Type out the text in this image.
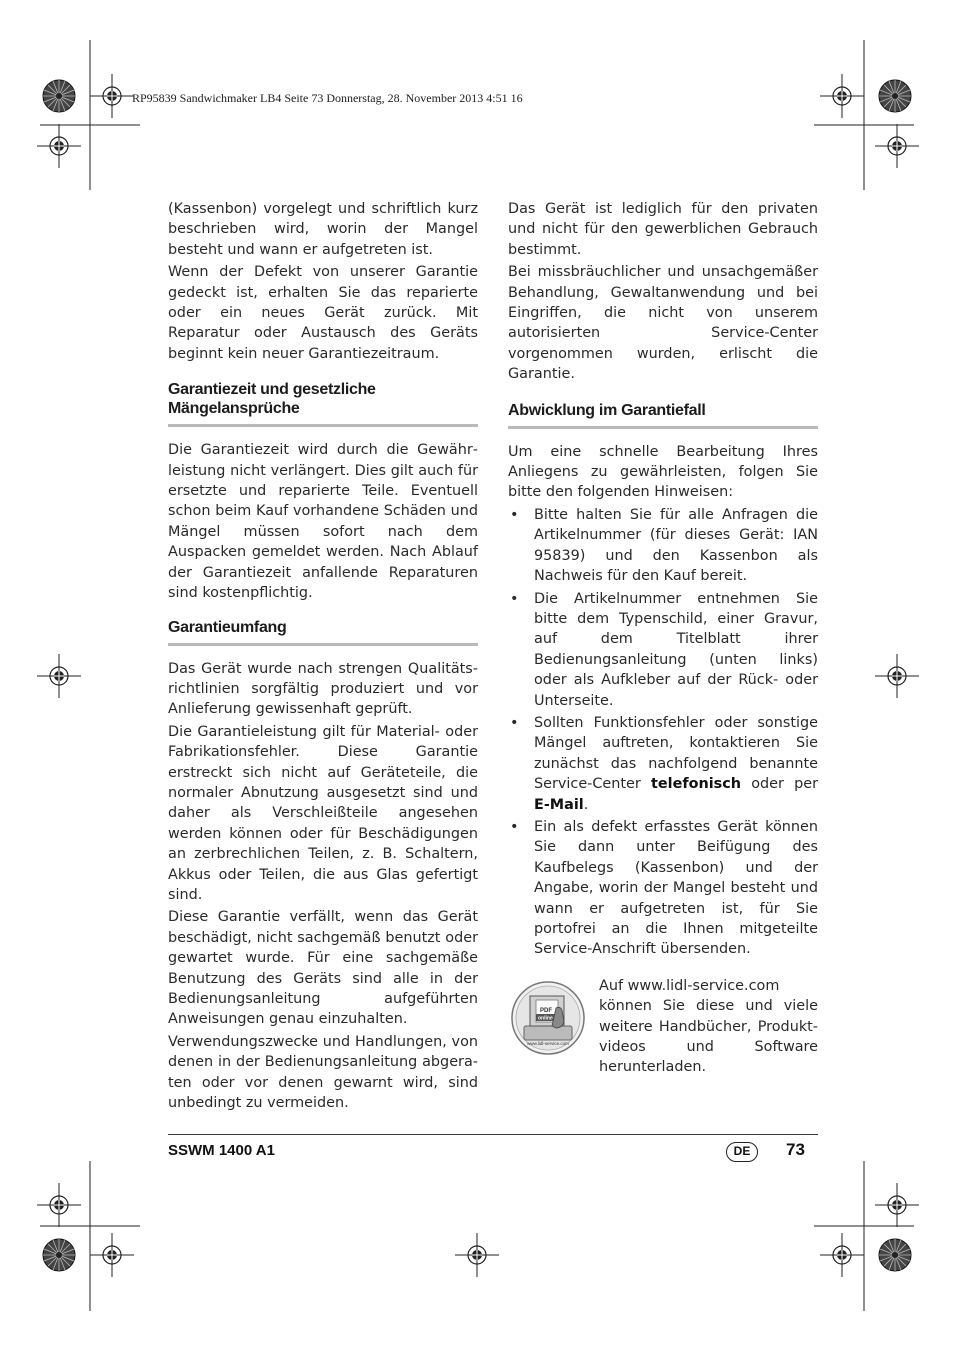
RP95839 Sandwichmaker LB4 Seite 73 Donnerstag, 28. November 2013 4:51 16

(Kassenbon) vorgelegt und schriftlich kurz beschrieben wird, worin der Mangel besteht und wann er aufgetreten ist.

Wenn der Defekt von unserer Garantie gedeckt ist, erhalten Sie das reparierte oder ein neues Gerät zurück. Mit Reparatur oder Austausch des Geräts beginnt kein neuer Garantiezeitraum.

Garantiezeit und gesetzliche
Mängelansprüche

Die Garantiezeit wird durch die Gewährleistung nicht verlängert. Dies gilt auch für ersetzte und reparierte Teile. Eventuell schon beim Kauf vorhandene Schäden und Mängel müssen sofort nach dem Auspacken gemeldet werden. Nach Ablauf der Garantiezeit anfallende Reparaturen sind kostenpflichtig.

Garantieumfang

Das Gerät wurde nach strengen Qualitätsrichtlinien sorgfältig produziert und vor Anlieferung gewissenhaft geprüft.

Die Garantieleistung gilt für Material- oder Fabrikationsfehler. Diese Garantie erstreckt sich nicht auf Geräteteile, die normaler Abnutzung ausgesetzt sind und daher als Verschleißteile angesehen werden können oder für Beschädigungen an zerbrechlichen Teilen, z. B. Schaltern, Akkus oder Teilen, die aus Glas gefertigt sind.

Diese Garantie verfällt, wenn das Gerät beschädigt, nicht sachgemäß benutzt oder gewartet wurde. Für eine sachgemäße Benutzung des Geräts sind alle in der Bedienungsanleitung aufgeführten Anweisungen genau einzuhalten.

Verwendungszwecke und Handlungen, von denen in der Bedienungsanleitung abgeraten oder vor denen gewarnt wird, sind unbedingt zu vermeiden.

Das Gerät ist lediglich für den privaten und nicht für den gewerblichen Gebrauch bestimmt.

Bei missbräuchlicher und unsachgemäßer Behandlung, Gewaltanwendung und bei Eingriffen, die nicht von unserem autorisierten Service-Center vorgenommen wurden, erlischt die Garantie.

Abwicklung im Garantiefall

Um eine schnelle Bearbeitung Ihres Anliegens zu gewährleisten, folgen Sie bitte den folgenden Hinweisen:

• Bitte halten Sie für alle Anfragen die Artikelnummer (für dieses Gerät: IAN 95839) und den Kassenbon als Nachweis für den Kauf bereit.
• Die Artikelnummer entnehmen Sie bitte dem Typenschild, einer Gravur, auf dem Titelblatt ihrer Bedienungsanleitung (unten links) oder als Aufkleber auf der Rück- oder Unterseite.
• Sollten Funktionsfehler oder sonstige Mängel auftreten, kontaktieren Sie zunächst das nachfolgend benannte Service-Center telefonisch oder per E-Mail.
• Ein als defekt erfasstes Gerät können Sie dann unter Beifügung des Kaufbelegs (Kassenbon) und der Angabe, worin der Mangel besteht und wann er aufgetreten ist, für Sie portofrei an die Ihnen mitgeteilte Service-Anschrift übersenden.
PDF
online
www.lidl-service.com
Auf www.lidl-service.com

können Sie diese und viele weitere Handbücher, Produktvideos und Software herunterladen.

SSWM 1400 A1	DE	73
